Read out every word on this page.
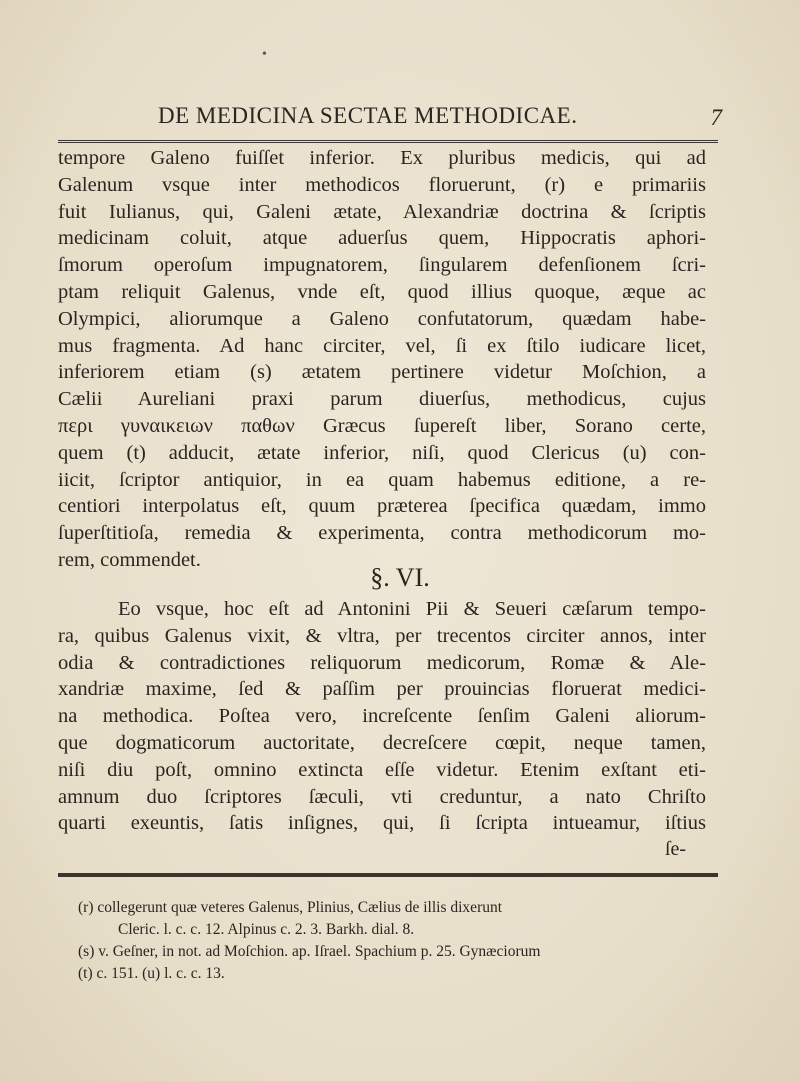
•
DE MEDICINA SECTAE METHODICAE.	7
tempore Galeno fuiſſet inferior. Ex pluribus medicis, qui ad
Galenum vsque inter methodicos floruerunt, (r) e primariis
fuit Iulianus, qui, Galeni ætate, Alexandriæ doctrina & ſcriptis
medicinam coluit, atque aduerſus quem, Hippocratis aphori-
ſmorum operoſum impugnatorem, ſingularem defenſionem ſcri-
ptam reliquit Galenus, vnde eſt, quod illius quoque, æque ac
Olympici, aliorumque a Galeno confutatorum, quædam habe-
mus fragmenta. Ad hanc circiter, vel, ſi ex ſtilo iudicare licet,
inferiorem etiam (s) ætatem pertinere videtur Moſchion, a
Cælii Aureliani praxi parum diuerſus, methodicus, cujus
περι γυναικειων παθων Græcus ſupereſt liber, Sorano certe,
quem (t) adducit, ætate inferior, niſi, quod Clericus (u) con-
iicit, ſcriptor antiquior, in ea quam habemus editione, a re-
centiori interpolatus eſt, quum præterea ſpecifica quædam, immo
ſuperſtitioſa, remedia & experimenta, contra methodicorum mo-
rem, commendet.
§. VI.
Eo vsque, hoc eſt ad Antonini Pii & Seueri cæſarum tempo-
ra, quibus Galenus vixit, & vltra, per trecentos circiter annos, inter
odia & contradictiones reliquorum medicorum, Romæ & Ale-
xandriæ maxime, ſed & paſſim per prouincias floruerat medici-
na methodica. Poſtea vero, increſcente ſenſim Galeni aliorum-
que dogmaticorum auctoritate, decreſcere cœpit, neque tamen,
niſi diu poſt, omnino extincta eſſe videtur. Etenim exſtant eti-
amnum duo ſcriptores ſæculi, vti creduntur, a nato Chriſto
quarti exeuntis, ſatis inſignes, qui, ſi ſcripta intueamur, iſtius
ſe-
(r) collegerunt quæ veteres Galenus, Plinius, Cælius de illis dixerunt
Cleric. l. c. c. 12. Alpinus c. 2. 3. Barkh. dial. 8.
(s) v. Geſner, in not. ad Moſchion. ap. Iſrael. Spachium p. 25. Gynæciorum
(t) c. 151. (u) l. c. c. 13.
